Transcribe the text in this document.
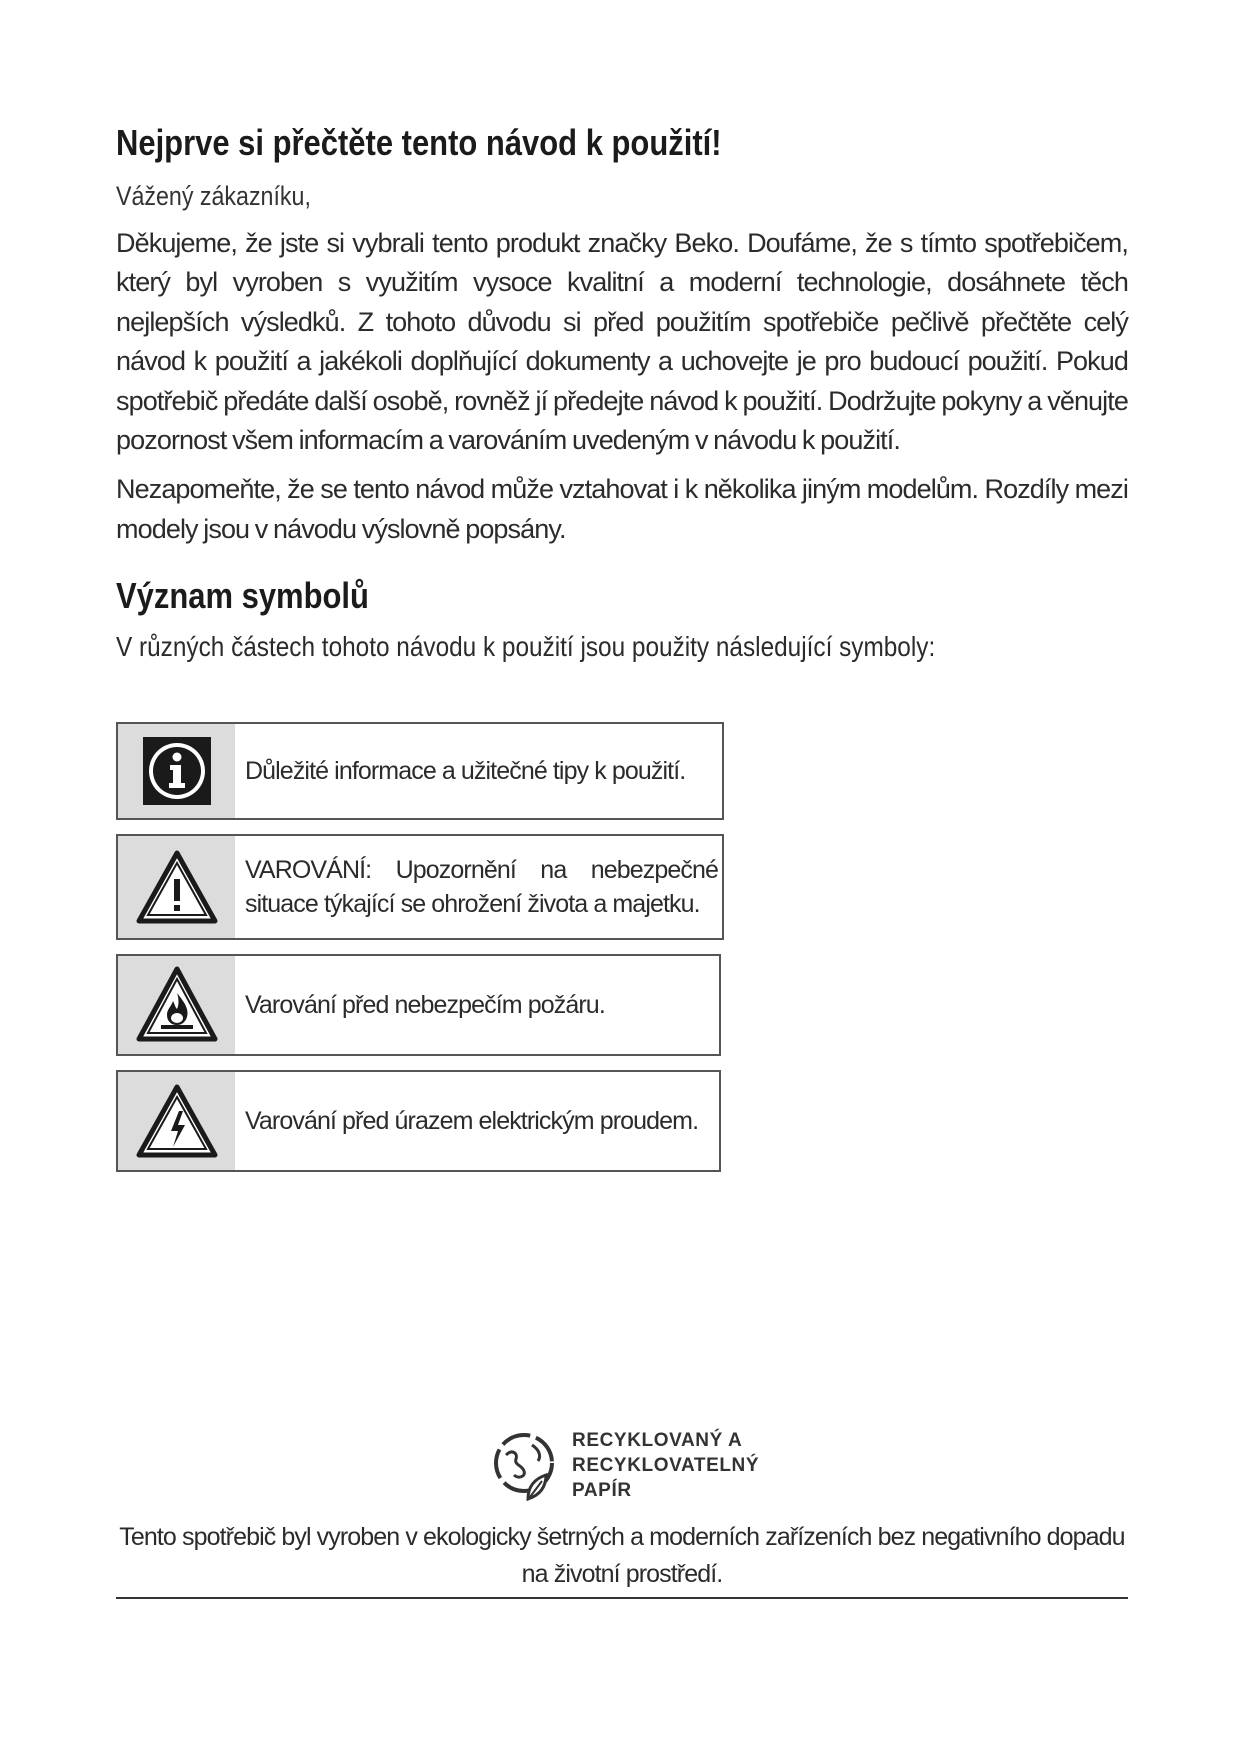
Nejprve si přečtěte tento návod k použití!

Vážený zákazníku,

Děkujeme, že jste si vybrali tento produkt značky Beko. Doufáme, že s tímto spotřebičem, který byl vyroben s využitím vysoce kvalitní a moderní technologie, dosáhnete těch nejlepších výsledků. Z tohoto důvodu si před použitím spotřebiče pečlivě přečtěte celý návod k použití a jakékoli doplňující dokumenty a uchovejte je pro budoucí použití. Pokud spotřebič předáte další osobě, rovněž jí předejte návod k použití. Dodržujte pokyny a věnujte pozornost všem informacím a varováním uvedeným v návodu k použití.

Nezapomeňte, že se tento návod může vztahovat i k několika jiným modelům. Rozdíly mezi modely jsou v návodu výslovně popsány.

Význam symbolů

V různých částech tohoto návodu k použití jsou použity následující symboly:

Důležité informace a užitečné tipy k použití.
VAROVÁNÍ: Upozornění na nebezpečné situace týkající se ohrožení života a majetku.
Varování před nebezpečím požáru.
Varování před úrazem elektrickým proudem.
RECYKLOVANÝ A
RECYKLOVATELNÝ
PAPÍR
Tento spotřebič byl vyroben v ekologicky šetrných a moderních zařízeních bez negativního dopadu na životní prostředí.
